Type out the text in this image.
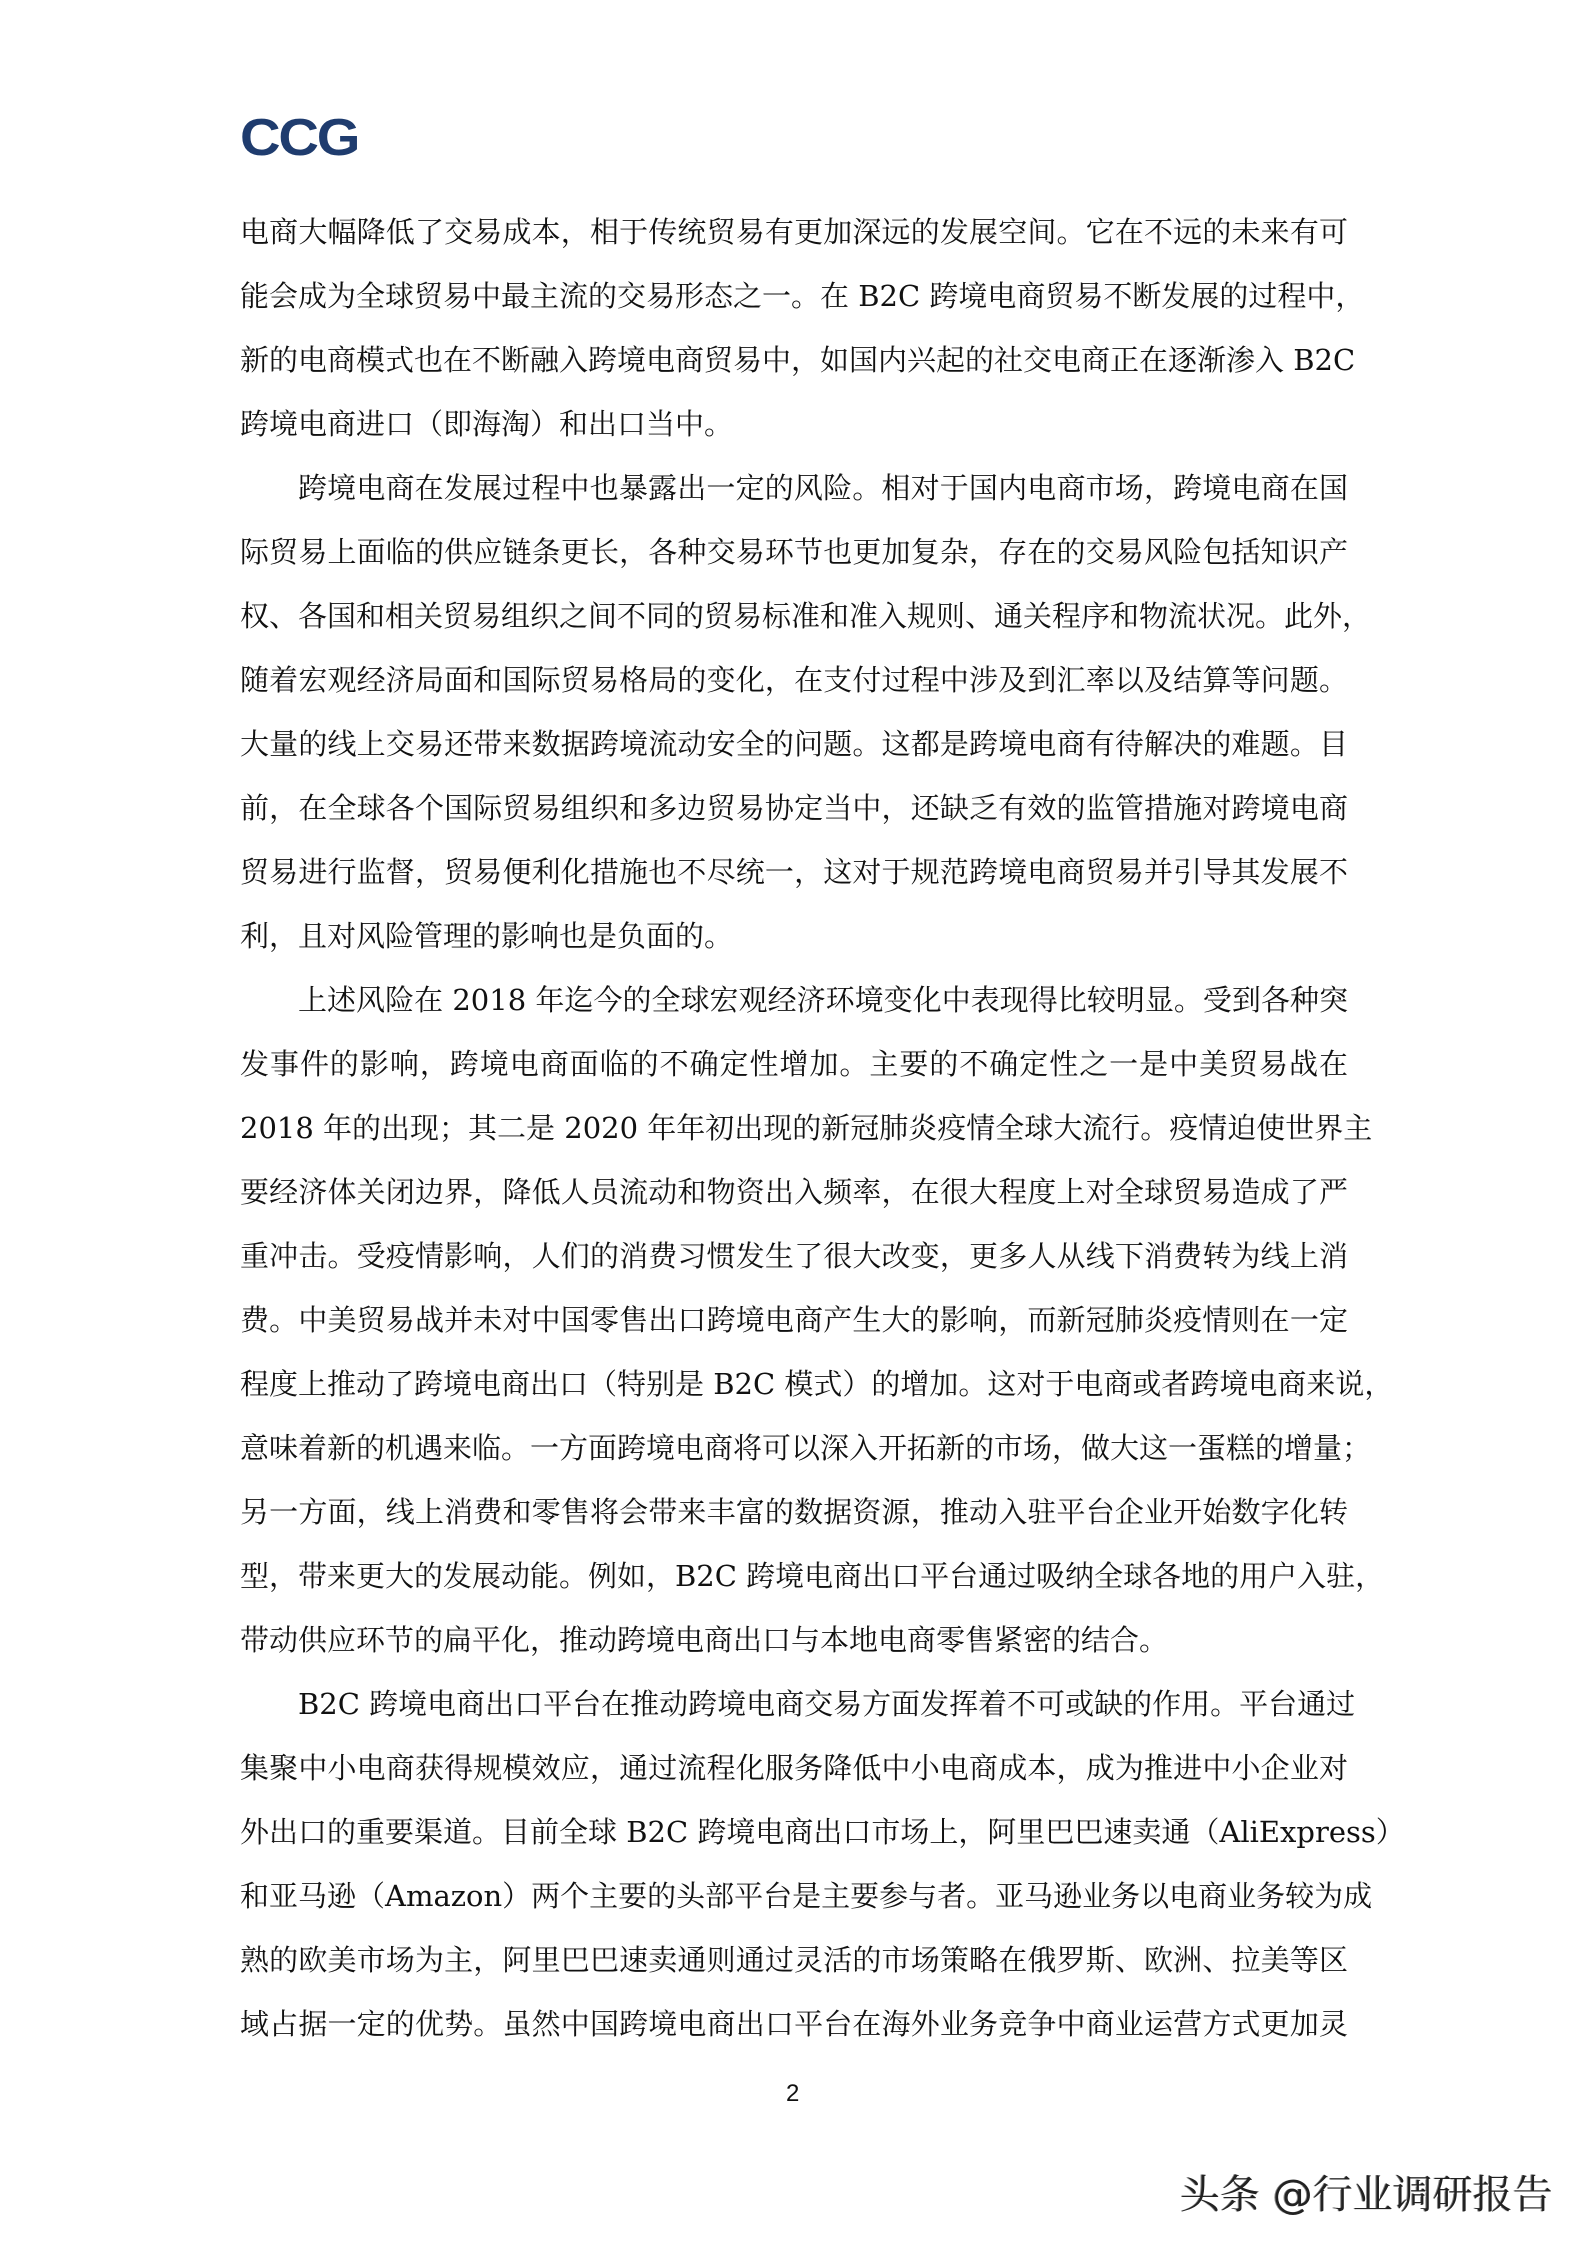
CCG
电商大幅降低了交易成本，相于传统贸易有更加深远的发展空间。它在不远的未来有可
能会成为全球贸易中最主流的交易形态之一。在 B2C 跨境电商贸易不断发展的过程中，
新的电商模式也在不断融入跨境电商贸易中，如国内兴起的社交电商正在逐渐渗入 B2C
跨境电商进口（即海淘）和出口当中。
跨境电商在发展过程中也暴露出一定的风险。相对于国内电商市场，跨境电商在国
际贸易上面临的供应链条更长，各种交易环节也更加复杂，存在的交易风险包括知识产
权、各国和相关贸易组织之间不同的贸易标准和准入规则、通关程序和物流状况。此外，
随着宏观经济局面和国际贸易格局的变化，在支付过程中涉及到汇率以及结算等问题。
大量的线上交易还带来数据跨境流动安全的问题。这都是跨境电商有待解决的难题。目
前，在全球各个国际贸易组织和多边贸易协定当中，还缺乏有效的监管措施对跨境电商
贸易进行监督，贸易便利化措施也不尽统一，这对于规范跨境电商贸易并引导其发展不
利，且对风险管理的影响也是负面的。
上述风险在 2018 年迄今的全球宏观经济环境变化中表现得比较明显。受到各种突
发事件的影响，跨境电商面临的不确定性增加。主要的不确定性之一是中美贸易战在
2018 年的出现；其二是 2020 年年初出现的新冠肺炎疫情全球大流行。疫情迫使世界主
要经济体关闭边界，降低人员流动和物资出入频率，在很大程度上对全球贸易造成了严
重冲击。受疫情影响，人们的消费习惯发生了很大改变，更多人从线下消费转为线上消
费。中美贸易战并未对中国零售出口跨境电商产生大的影响，而新冠肺炎疫情则在一定
程度上推动了跨境电商出口（特别是 B2C 模式）的增加。这对于电商或者跨境电商来说，
意味着新的机遇来临。一方面跨境电商将可以深入开拓新的市场，做大这一蛋糕的增量；
另一方面，线上消费和零售将会带来丰富的数据资源，推动入驻平台企业开始数字化转
型，带来更大的发展动能。例如，B2C 跨境电商出口平台通过吸纳全球各地的用户入驻，
带动供应环节的扁平化，推动跨境电商出口与本地电商零售紧密的结合。
B2C 跨境电商出口平台在推动跨境电商交易方面发挥着不可或缺的作用。平台通过
集聚中小电商获得规模效应，通过流程化服务降低中小电商成本，成为推进中小企业对
外出口的重要渠道。目前全球 B2C 跨境电商出口市场上，阿里巴巴速卖通（AliExpress）
和亚马逊（Amazon）两个主要的头部平台是主要参与者。亚马逊业务以电商业务较为成
熟的欧美市场为主，阿里巴巴速卖通则通过灵活的市场策略在俄罗斯、欧洲、拉美等区
域占据一定的优势。虽然中国跨境电商出口平台在海外业务竞争中商业运营方式更加灵
2
头条 @行业调研报告
